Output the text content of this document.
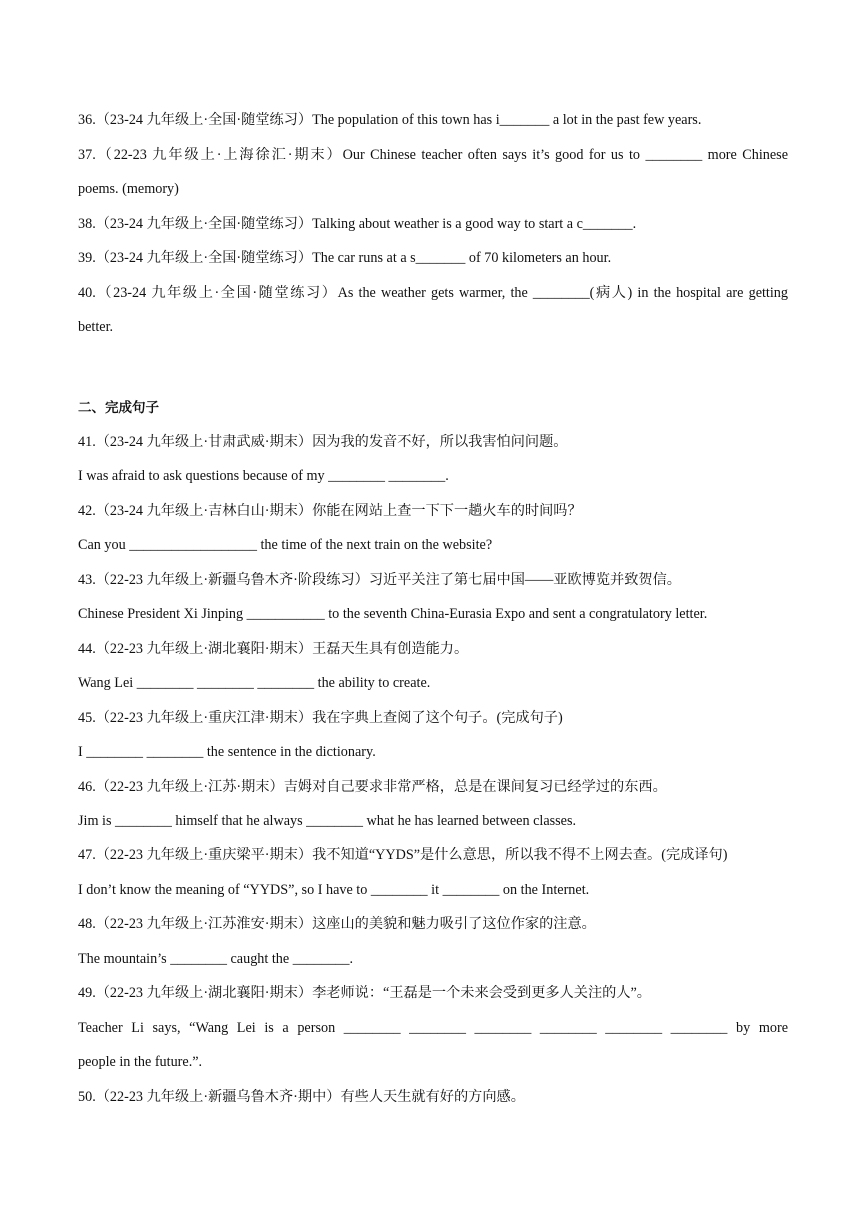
36.（23-24 九年级上·全国·随堂练习）The population of this town has i_______ a lot in the past few years.
37.（22-23 九年级上·上海徐汇·期末）Our Chinese teacher often says it’s good for us to ________ more Chinese
poems. (memory)
38.（23-24 九年级上·全国·随堂练习）Talking about weather is a good way to start a c_______.
39.（23-24 九年级上·全国·随堂练习）The car runs at a s_______ of 70 kilometers an hour.
40.（23-24 九年级上·全国·随堂练习）As the weather gets warmer, the ________(病人) in the hospital are getting
better.
二、完成句子
41.（23-24 九年级上·甘肃武威·期末）因为我的发音不好，所以我害怕问问题。
I was afraid to ask questions because of my ________ ________.
42.（23-24 九年级上·吉林白山·期末）你能在网站上查一下下一趟火车的时间吗？
Can you __________________ the time of the next train on the website?
43.（22-23 九年级上·新疆乌鲁木齐·阶段练习）习近平关注了第七届中国——亚欧博览并致贺信。
Chinese President Xi Jinping ___________ to the seventh China-Eurasia Expo and sent a congratulatory letter.
44.（22-23 九年级上·湖北襄阳·期末）王磊天生具有创造能力。
Wang Lei ________ ________ ________ the ability to create.
45.（22-23 九年级上·重庆江津·期末）我在字典上查阅了这个句子。(完成句子)
I ________ ________ the sentence in the dictionary.
46.（22-23 九年级上·江苏·期末）吉姆对自己要求非常严格，总是在课间复习已经学过的东西。
Jim is ________ himself that he always ________ what he has learned between classes.
47.（22-23 九年级上·重庆梁平·期末）我不知道“YYDS”是什么意思，所以我不得不上网去查。(完成译句)
I don’t know the meaning of “YYDS”, so I have to ________ it ________ on the Internet.
48.（22-23 九年级上·江苏淮安·期末）这座山的美貌和魅力吸引了这位作家的注意。
The mountain’s ________ caught the ________.
49.（22-23 九年级上·湖北襄阳·期末）李老师说：“王磊是一个未来会受到更多人关注的人”。
Teacher Li says, “Wang Lei is a person ________ ________ ________ ________ ________ ________ by more
people in the future.”.
50.（22-23 九年级上·新疆乌鲁木齐·期中）有些人天生就有好的方向感。
